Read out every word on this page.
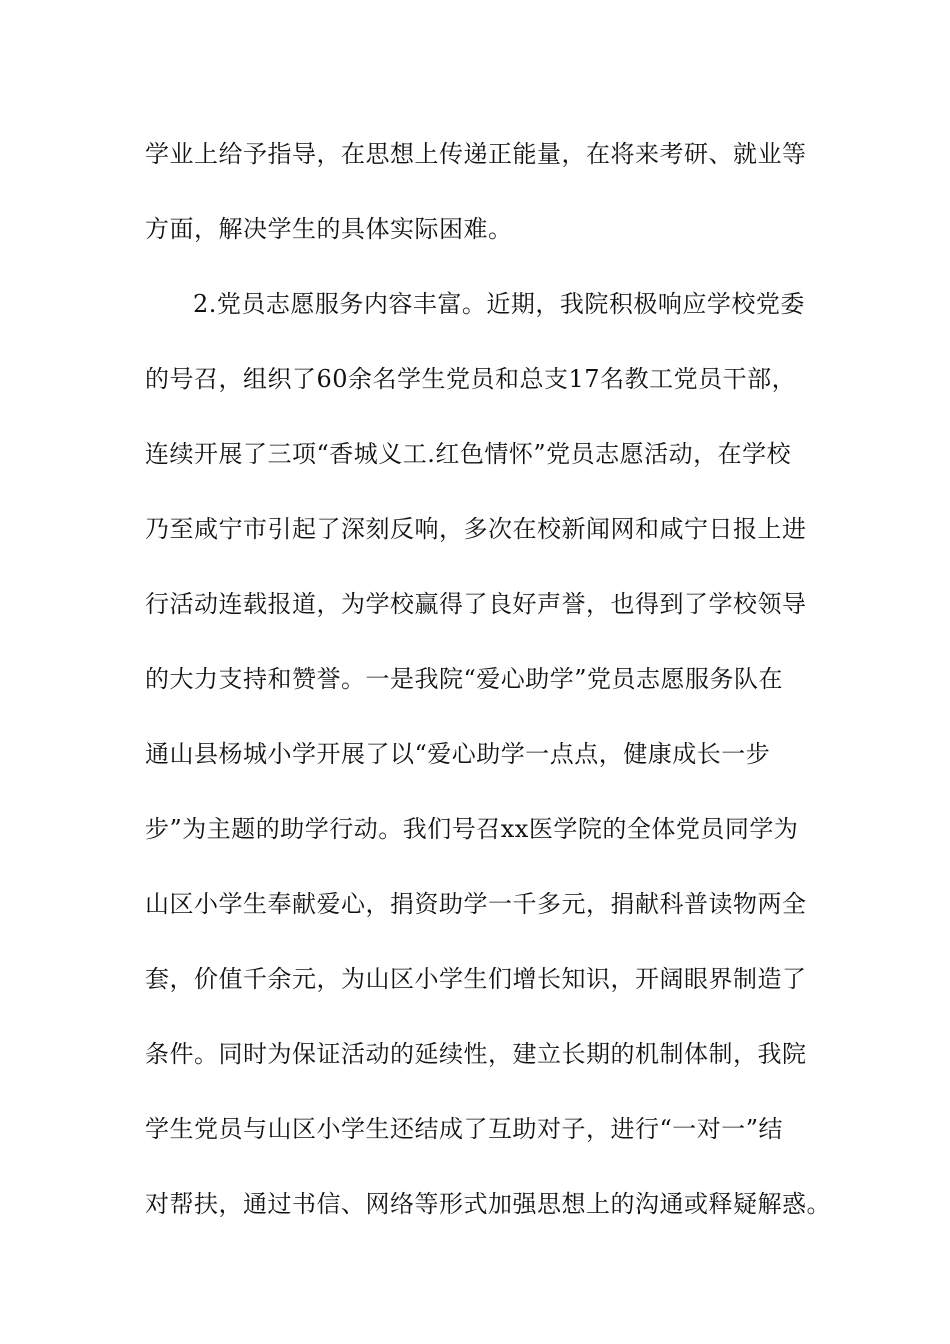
学业上给予指导，在思想上传递正能量，在将来考研、就业等
方面，解决学生的具体实际困难。
2.党员志愿服务内容丰富。近期，我院积极响应学校党委
的号召，组织了60余名学生党员和总支17名教工党员干部，
连续开展了三项“香城义工.红色情怀”党员志愿活动，在学校
乃至咸宁市引起了深刻反响，多次在校新闻网和咸宁日报上进
行活动连载报道，为学校赢得了良好声誉，也得到了学校领导
的大力支持和赞誉。一是我院“爱心助学”党员志愿服务队在
通山县杨城小学开展了以“爱心助学一点点，健康成长一步
步”为主题的助学行动。我们号召xx医学院的全体党员同学为
山区小学生奉献爱心，捐资助学一千多元，捐献科普读物两全
套，价值千余元，为山区小学生们增长知识，开阔眼界制造了
条件。同时为保证活动的延续性，建立长期的机制体制，我院
学生党员与山区小学生还结成了互助对子，进行“一对一”结
对帮扶，通过书信、网络等形式加强思想上的沟通或释疑解惑。
